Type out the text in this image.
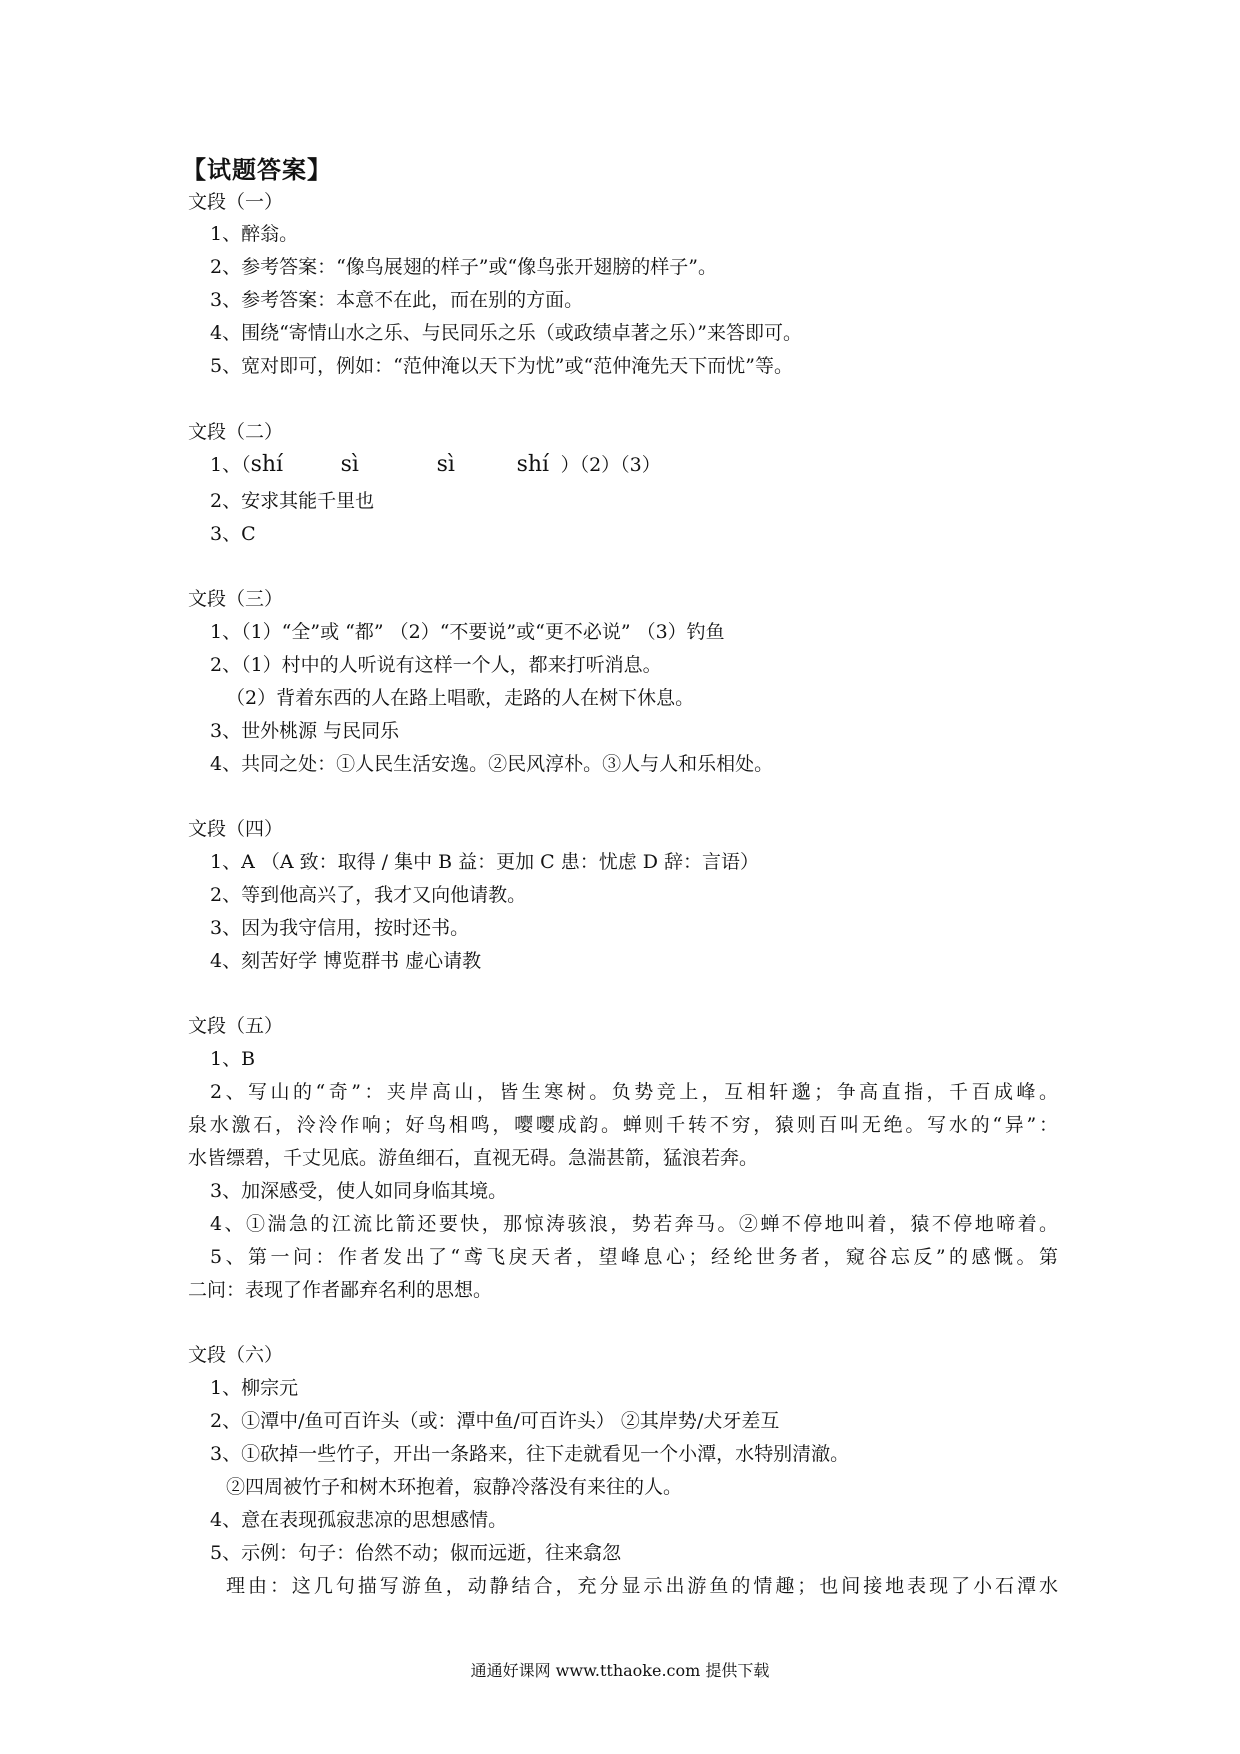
【试题答案】
文段（一）
1、醉翁。
2、参考答案：“像鸟展翅的样子”或“像鸟张开翅膀的样子”。
3、参考答案：本意不在此，而在别的方面。
4、围绕“寄情山水之乐、与民同乐之乐（或政绩卓著之乐）”来答即可。
5、宽对即可，例如：“范仲淹以天下为忧”或“范仲淹先天下而忧”等。
文段（二）
1、（shí	sì	sì	shí ）（2）（3）
2、安求其能千里也
3、C
文段（三）
1、（1）“全”或 “都” （2）“不要说”或“更不必说” （3）钓鱼
2、（1）村中的人听说有这样一个人，都来打听消息。
（2）背着东西的人在路上唱歌，走路的人在树下休息。
3、世外桃源 与民同乐
4、共同之处：①人民生活安逸。②民风淳朴。③人与人和乐相处。
文段（四）
1、A （A 致：取得 / 集中 B 益：更加 C 患：忧虑 D 辞：言语）
2、等到他高兴了，我才又向他请教。
3、因为我守信用，按时还书。
4、刻苦好学 博览群书 虚心请教
文段（五）
1、B
2、写山的“奇”：夹岸高山，皆生寒树。负势竞上，互相轩邈；争高直指，千百成峰。
泉水激石，泠泠作响；好鸟相鸣，嘤嘤成韵。蝉则千转不穷，猿则百叫无绝。写水的“异”：
水皆缥碧，千丈见底。游鱼细石，直视无碍。急湍甚箭，猛浪若奔。
3、加深感受，使人如同身临其境。
4、①湍急的江流比箭还要快，那惊涛骇浪，势若奔马。②蝉不停地叫着，猿不停地啼着。
5、第一问：作者发出了“鸢飞戾天者，望峰息心；经纶世务者，窥谷忘反”的感慨。第
二问：表现了作者鄙弃名利的思想。
文段（六）
1、柳宗元
2、①潭中/鱼可百许头（或：潭中鱼/可百许头） ②其岸势/犬牙差互
3、①砍掉一些竹子，开出一条路来，往下走就看见一个小潭，水特别清澈。
②四周被竹子和树木环抱着，寂静冷落没有来往的人。
4、意在表现孤寂悲凉的思想感情。
5、示例：句子：佁然不动；俶而远逝，往来翕忽
理由：这几句描写游鱼，动静结合，充分显示出游鱼的情趣；也间接地表现了小石潭水
通通好课网 www.tthaoke.com 提供下载
